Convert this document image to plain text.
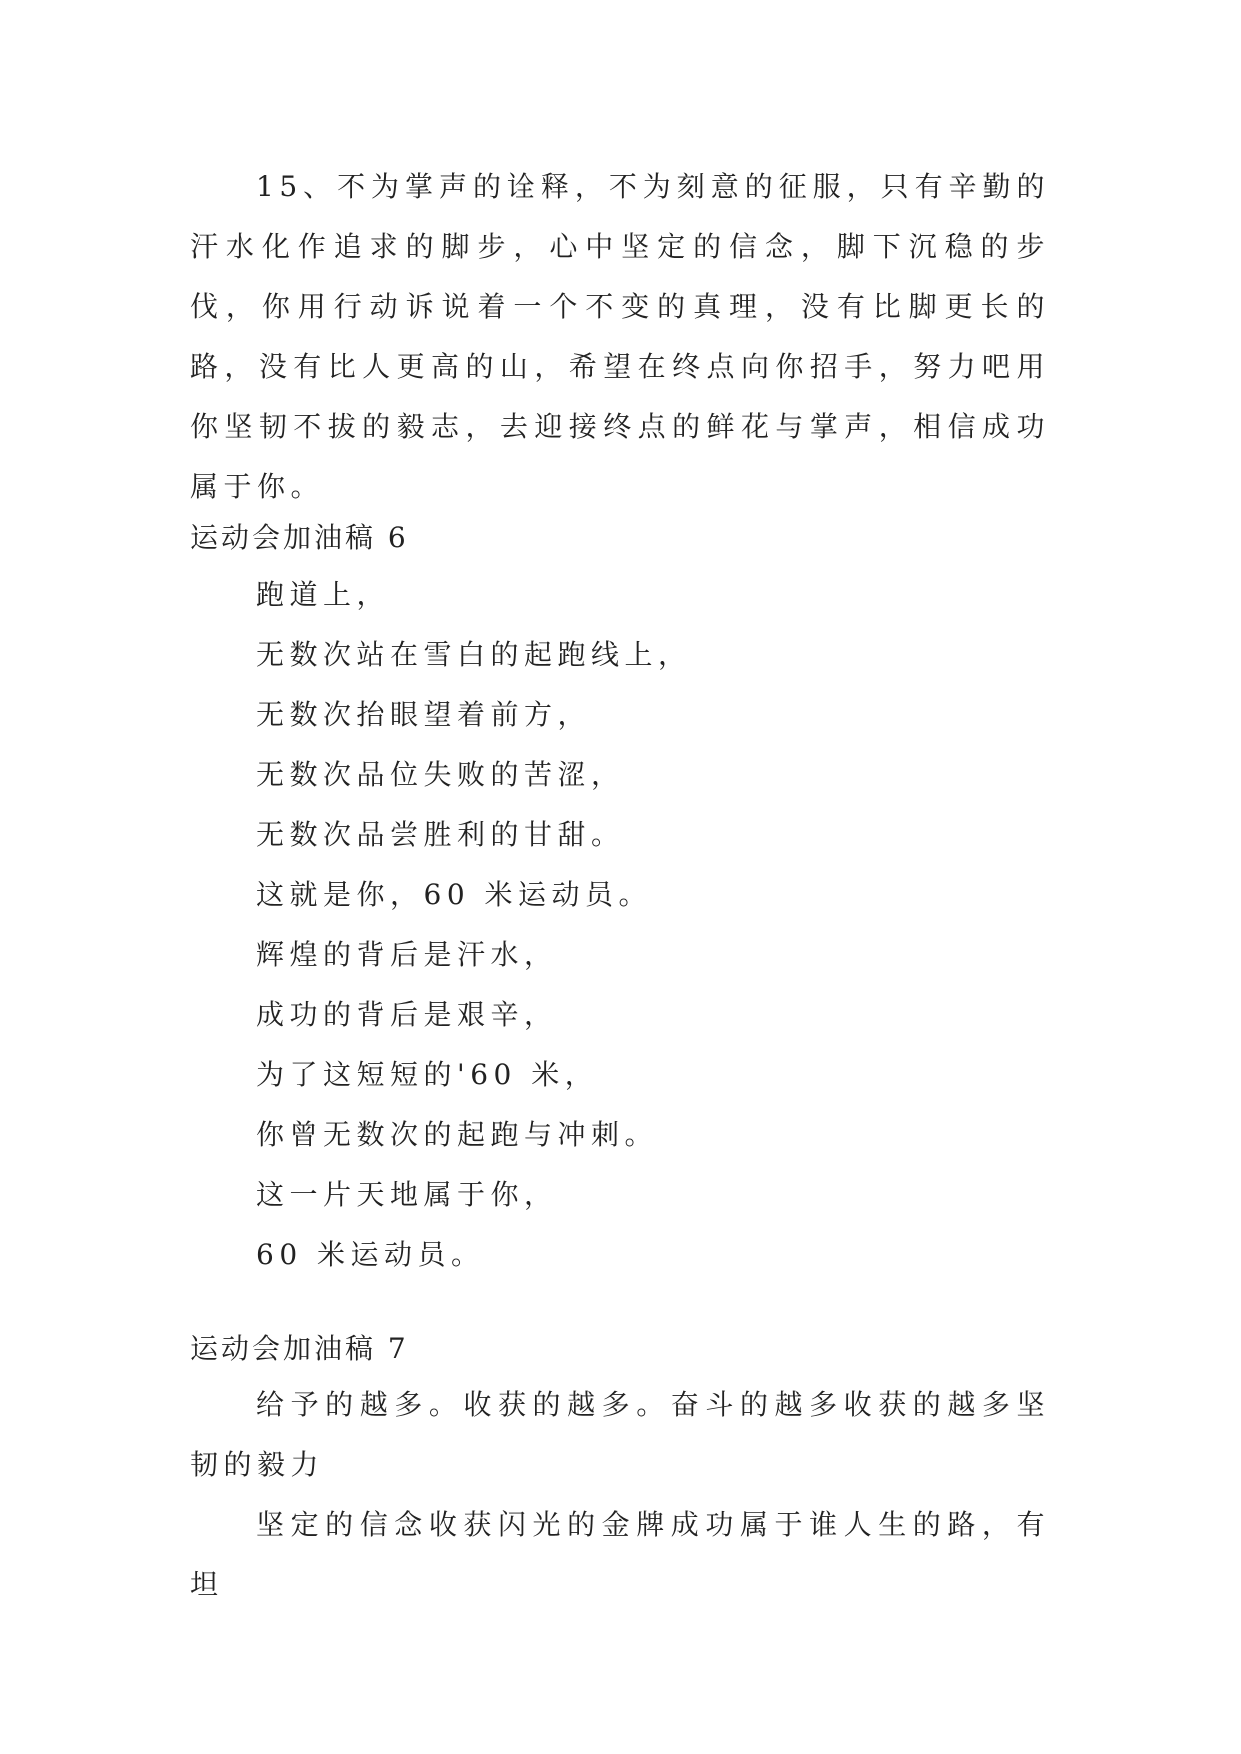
15、不为掌声的诠释，不为刻意的征服，只有辛勤的汗水化作追求的脚步，心中坚定的信念，脚下沉稳的步伐，你用行动诉说着一个不变的真理，没有比脚更长的路，没有比人更高的山，希望在终点向你招手，努力吧用你坚韧不拔的毅志，去迎接终点的鲜花与掌声，相信成功属于你。

运动会加油稿 6

跑道上，
无数次站在雪白的起跑线上，
无数次抬眼望着前方，
无数次品位失败的苦涩，
无数次品尝胜利的甘甜。
这就是你，60 米运动员。
辉煌的背后是汗水，
成功的背后是艰辛，
为了这短短的'60 米，
你曾无数次的起跑与冲刺。
这一片天地属于你，
60 米运动员。

运动会加油稿 7

给予的越多。收获的越多。奋斗的越多收获的越多坚韧的毅力

坚定的信念收获闪光的金牌成功属于谁人生的路，有坦
